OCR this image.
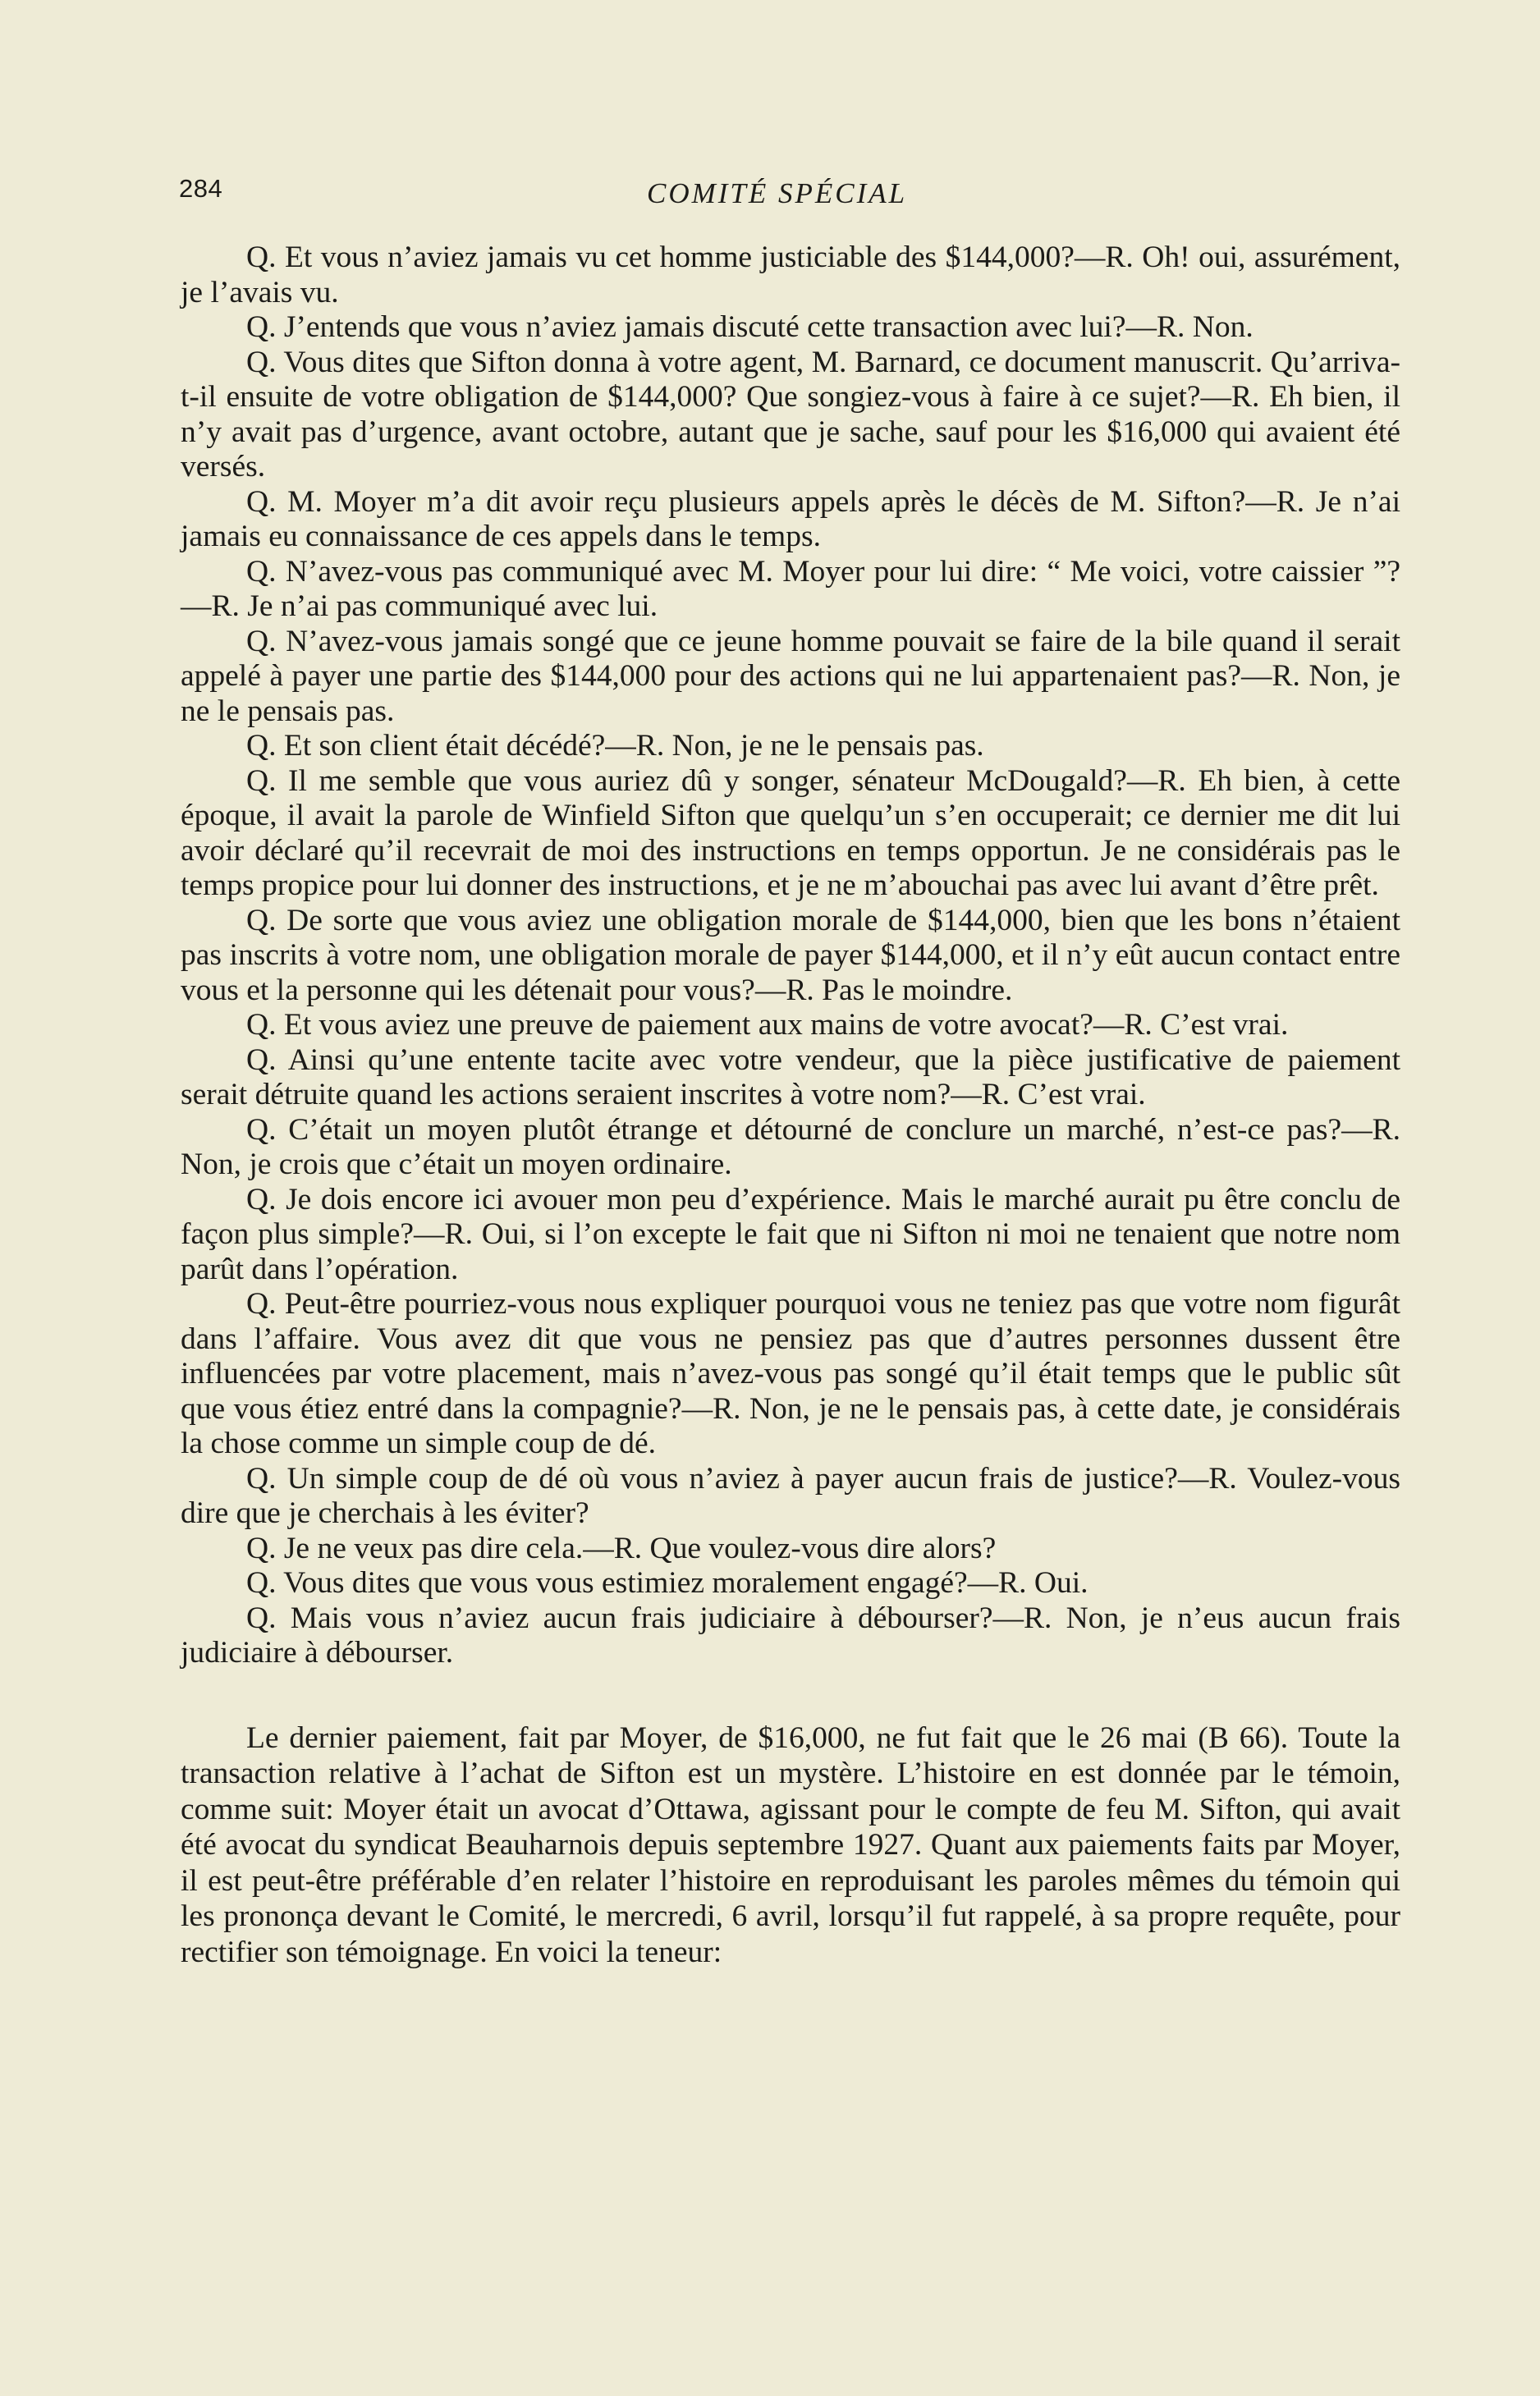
284	COMITÉ SPÉCIAL

Q. Et vous n’aviez jamais vu cet homme justiciable des $144,000?—R. Oh! oui, assurément, je l’avais vu.

Q. J’entends que vous n’aviez jamais discuté cette transaction avec lui?—R. Non.

Q. Vous dites que Sifton donna à votre agent, M. Barnard, ce document manuscrit. Qu’arriva-t-il ensuite de votre obligation de $144,000? Que songiez-vous à faire à ce sujet?—R. Eh bien, il n’y avait pas d’urgence, avant octobre, autant que je sache, sauf pour les $16,000 qui avaient été versés.

Q. M. Moyer m’a dit avoir reçu plusieurs appels après le décès de M. Sifton?—R. Je n’ai jamais eu connaissance de ces appels dans le temps.

Q. N’avez-vous pas communiqué avec M. Moyer pour lui dire: “ Me voici, votre caissier ”?—R. Je n’ai pas communiqué avec lui.

Q. N’avez-vous jamais songé que ce jeune homme pouvait se faire de la bile quand il serait appelé à payer une partie des $144,000 pour des actions qui ne lui appartenaient pas?—R. Non, je ne le pensais pas.

Q. Et son client était décédé?—R. Non, je ne le pensais pas.

Q. Il me semble que vous auriez dû y songer, sénateur McDougald?—R. Eh bien, à cette époque, il avait la parole de Winfield Sifton que quelqu’un s’en occuperait; ce dernier me dit lui avoir déclaré qu’il recevrait de moi des instructions en temps opportun. Je ne considérais pas le temps propice pour lui donner des instructions, et je ne m’abouchai pas avec lui avant d’être prêt.

Q. De sorte que vous aviez une obligation morale de $144,000, bien que les bons n’étaient pas inscrits à votre nom, une obligation morale de payer $144,000, et il n’y eût aucun contact entre vous et la personne qui les détenait pour vous?—R. Pas le moindre.

Q. Et vous aviez une preuve de paiement aux mains de votre avocat?—R. C’est vrai.

Q. Ainsi qu’une entente tacite avec votre vendeur, que la pièce justificative de paiement serait détruite quand les actions seraient inscrites à votre nom?—R. C’est vrai.

Q. C’était un moyen plutôt étrange et détourné de conclure un marché, n’est-ce pas?—R. Non, je crois que c’était un moyen ordinaire.

Q. Je dois encore ici avouer mon peu d’expérience. Mais le marché aurait pu être conclu de façon plus simple?—R. Oui, si l’on excepte le fait que ni Sifton ni moi ne tenaient que notre nom parût dans l’opération.

Q. Peut-être pourriez-vous nous expliquer pourquoi vous ne teniez pas que votre nom figurât dans l’affaire. Vous avez dit que vous ne pensiez pas que d’autres personnes dussent être influencées par votre placement, mais n’avez-vous pas songé qu’il était temps que le public sût que vous étiez entré dans la compagnie?—R. Non, je ne le pensais pas, à cette date, je considérais la chose comme un simple coup de dé.

Q. Un simple coup de dé où vous n’aviez à payer aucun frais de justice?—R. Voulez-vous dire que je cherchais à les éviter?

Q. Je ne veux pas dire cela.—R. Que voulez-vous dire alors?

Q. Vous dites que vous vous estimiez moralement engagé?—R. Oui.

Q. Mais vous n’aviez aucun frais judiciaire à débourser?—R. Non, je n’eus aucun frais judiciaire à débourser.

Le dernier paiement, fait par Moyer, de $16,000, ne fut fait que le 26 mai (B 66). Toute la transaction relative à l’achat de Sifton est un mystère. L’histoire en est donnée par le témoin, comme suit: Moyer était un avocat d’Ottawa, agissant pour le compte de feu M. Sifton, qui avait été avocat du syndicat Beauharnois depuis septembre 1927. Quant aux paiements faits par Moyer, il est peut-être préférable d’en relater l’histoire en reproduisant les paroles mêmes du témoin qui les prononça devant le Comité, le mercredi, 6 avril, lorsqu’il fut rappelé, à sa propre requête, pour rectifier son témoignage. En voici la teneur:
